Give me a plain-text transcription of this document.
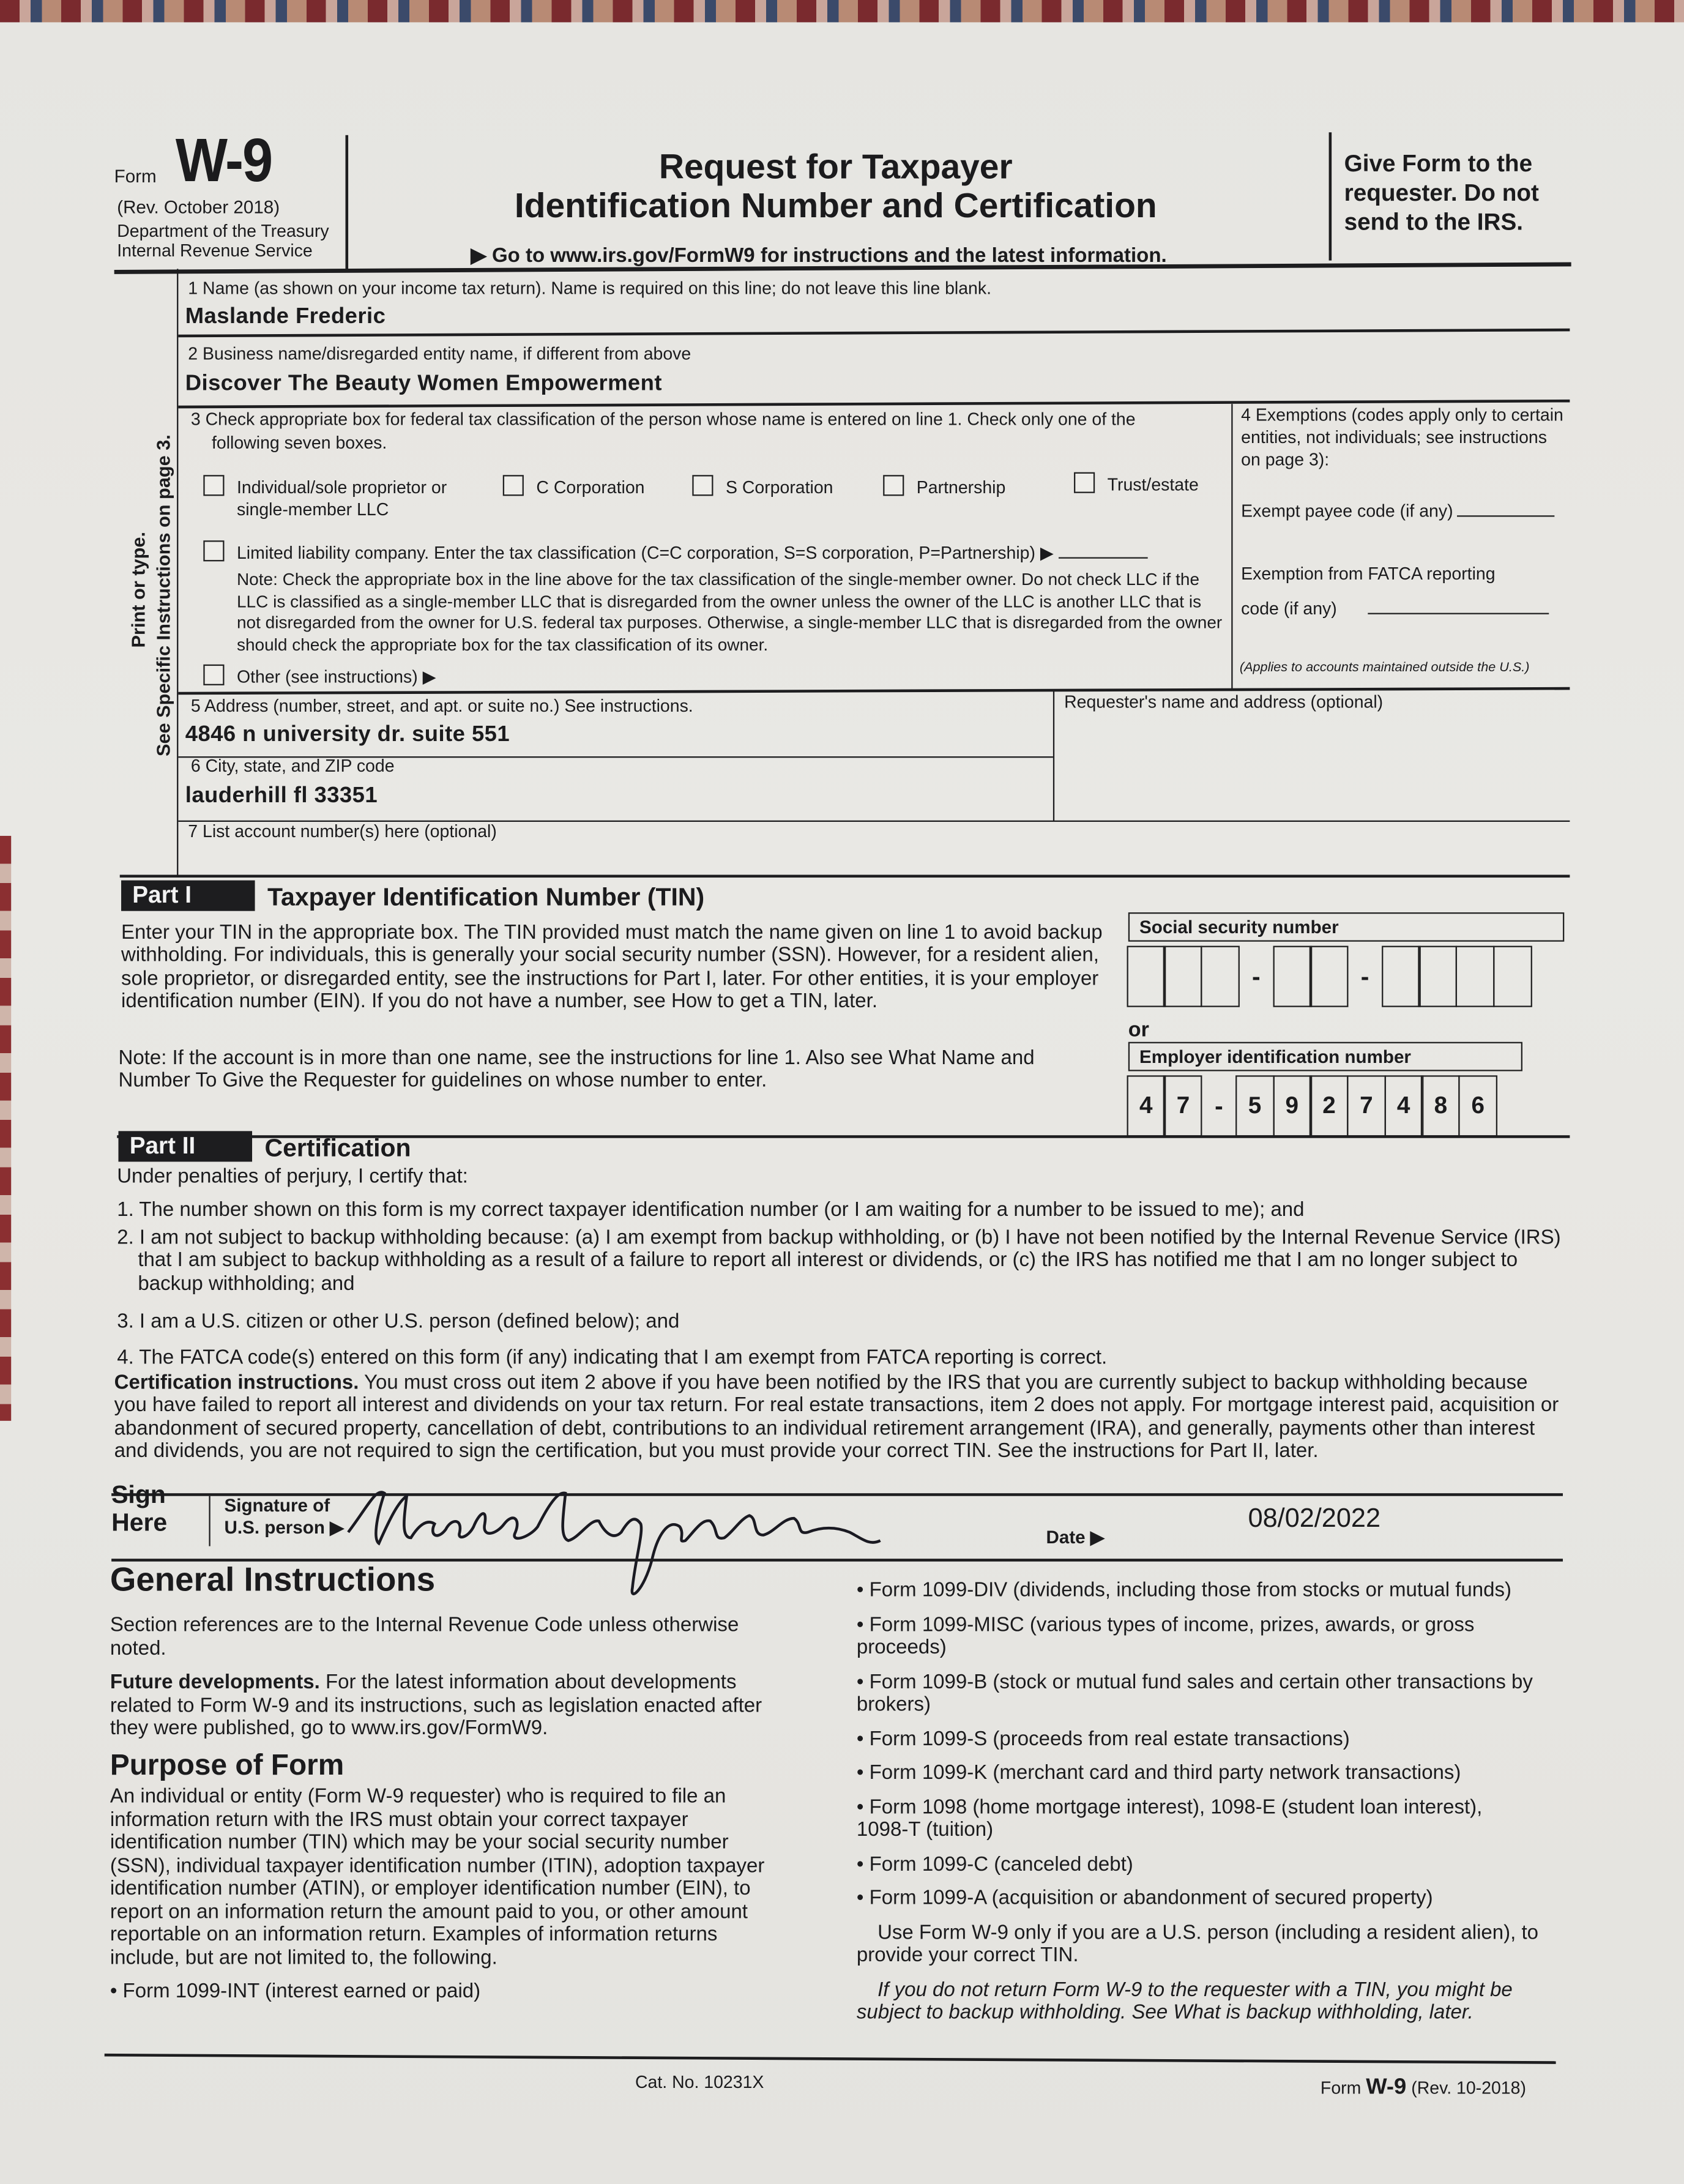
Form W-9
(Rev. October 2018)
Department of the Treasury
Internal Revenue Service
Request for Taxpayer
Identification Number and Certification
▶ Go to www.irs.gov/FormW9 for instructions and the latest information.
Give Form to the
requester. Do not
send to the IRS.
Print or type. See Specific Instructions on page 3.
1 Name (as shown on your income tax return). Name is required on this line; do not leave this line blank.
Maslande Frederic
2 Business name/disregarded entity name, if different from above
Discover The Beauty Women Empowerment
3 Check appropriate box for federal tax classification of the person whose name is entered on line 1. Check only one of the
following seven boxes.
Individual/sole proprietor or
single-member LLC
C Corporation	S Corporation	Partnership	Trust/estate
Limited liability company. Enter the tax classification (C=C corporation, S=S corporation, P=Partnership) ▶
Note: Check the appropriate box in the line above for the tax classification of the single-member owner. Do not check LLC if the LLC is classified as a single-member LLC that is disregarded from the owner unless the owner of the LLC is another LLC that is not disregarded from the owner for U.S. federal tax purposes. Otherwise, a single-member LLC that is disregarded from the owner should check the appropriate box for the tax classification of its owner.
Other (see instructions) ▶
4 Exemptions (codes apply only to certain entities, not individuals; see instructions on page 3):
Exempt payee code (if any)
Exemption from FATCA reporting
code (if any)
(Applies to accounts maintained outside the U.S.)
5 Address (number, street, and apt. or suite no.) See instructions.
4846 n university dr. suite 551
Requester's name and address (optional)
6 City, state, and ZIP code
lauderhill fl 33351
7 List account number(s) here (optional)
Part I	Taxpayer Identification Number (TIN)
Enter your TIN in the appropriate box. The TIN provided must match the name given on line 1 to avoid backup withholding. For individuals, this is generally your social security number (SSN). However, for a resident alien, sole proprietor, or disregarded entity, see the instructions for Part I, later. For other entities, it is your employer identification number (EIN). If you do not have a number, see How to get a TIN, later.
Note: If the account is in more than one name, see the instructions for line 1. Also see What Name and Number To Give the Requester for guidelines on whose number to enter.
Social security number
-	-
or
Employer identification number
4	7	-	5	9	2	7	4	8	6
Part II	Certification
Under penalties of perjury, I certify that:
1. The number shown on this form is my correct taxpayer identification number (or I am waiting for a number to be issued to me); and
2. I am not subject to backup withholding because: (a) I am exempt from backup withholding, or (b) I have not been notified by the Internal Revenue Service (IRS) that I am subject to backup withholding as a result of a failure to report all interest or dividends, or (c) the IRS has notified me that I am no longer subject to backup withholding; and
3. I am a U.S. citizen or other U.S. person (defined below); and
4. The FATCA code(s) entered on this form (if any) indicating that I am exempt from FATCA reporting is correct.
Certification instructions. You must cross out item 2 above if you have been notified by the IRS that you are currently subject to backup withholding because you have failed to report all interest and dividends on your tax return. For real estate transactions, item 2 does not apply. For mortgage interest paid, acquisition or abandonment of secured property, cancellation of debt, contributions to an individual retirement arrangement (IRA), and generally, payments other than interest and dividends, you are not required to sign the certification, but you must provide your correct TIN. See the instructions for Part II, later.
Sign
Here
Signature of
U.S. person ▶	Date ▶
08/02/2022
General Instructions

Section references are to the Internal Revenue Code unless otherwise noted.

Future developments. For the latest information about developments related to Form W-9 and its instructions, such as legislation enacted after they were published, go to www.irs.gov/FormW9.

Purpose of Form

An individual or entity (Form W-9 requester) who is required to file an information return with the IRS must obtain your correct taxpayer identification number (TIN) which may be your social security number (SSN), individual taxpayer identification number (ITIN), adoption taxpayer identification number (ATIN), or employer identification number (EIN), to report on an information return the amount paid to you, or other amount reportable on an information return. Examples of information returns include, but are not limited to, the following.

• Form 1099-INT (interest earned or paid)

• Form 1099-DIV (dividends, including those from stocks or mutual funds)

• Form 1099-MISC (various types of income, prizes, awards, or gross proceeds)

• Form 1099-B (stock or mutual fund sales and certain other transactions by brokers)

• Form 1099-S (proceeds from real estate transactions)

• Form 1099-K (merchant card and third party network transactions)

• Form 1098 (home mortgage interest), 1098-E (student loan interest), 1098-T (tuition)

• Form 1099-C (canceled debt)

• Form 1099-A (acquisition or abandonment of secured property)

Use Form W-9 only if you are a U.S. person (including a resident alien), to provide your correct TIN.

If you do not return Form W-9 to the requester with a TIN, you might be subject to backup withholding. See What is backup withholding, later.

Cat. No. 10231X	Form W-9 (Rev. 10-2018)
